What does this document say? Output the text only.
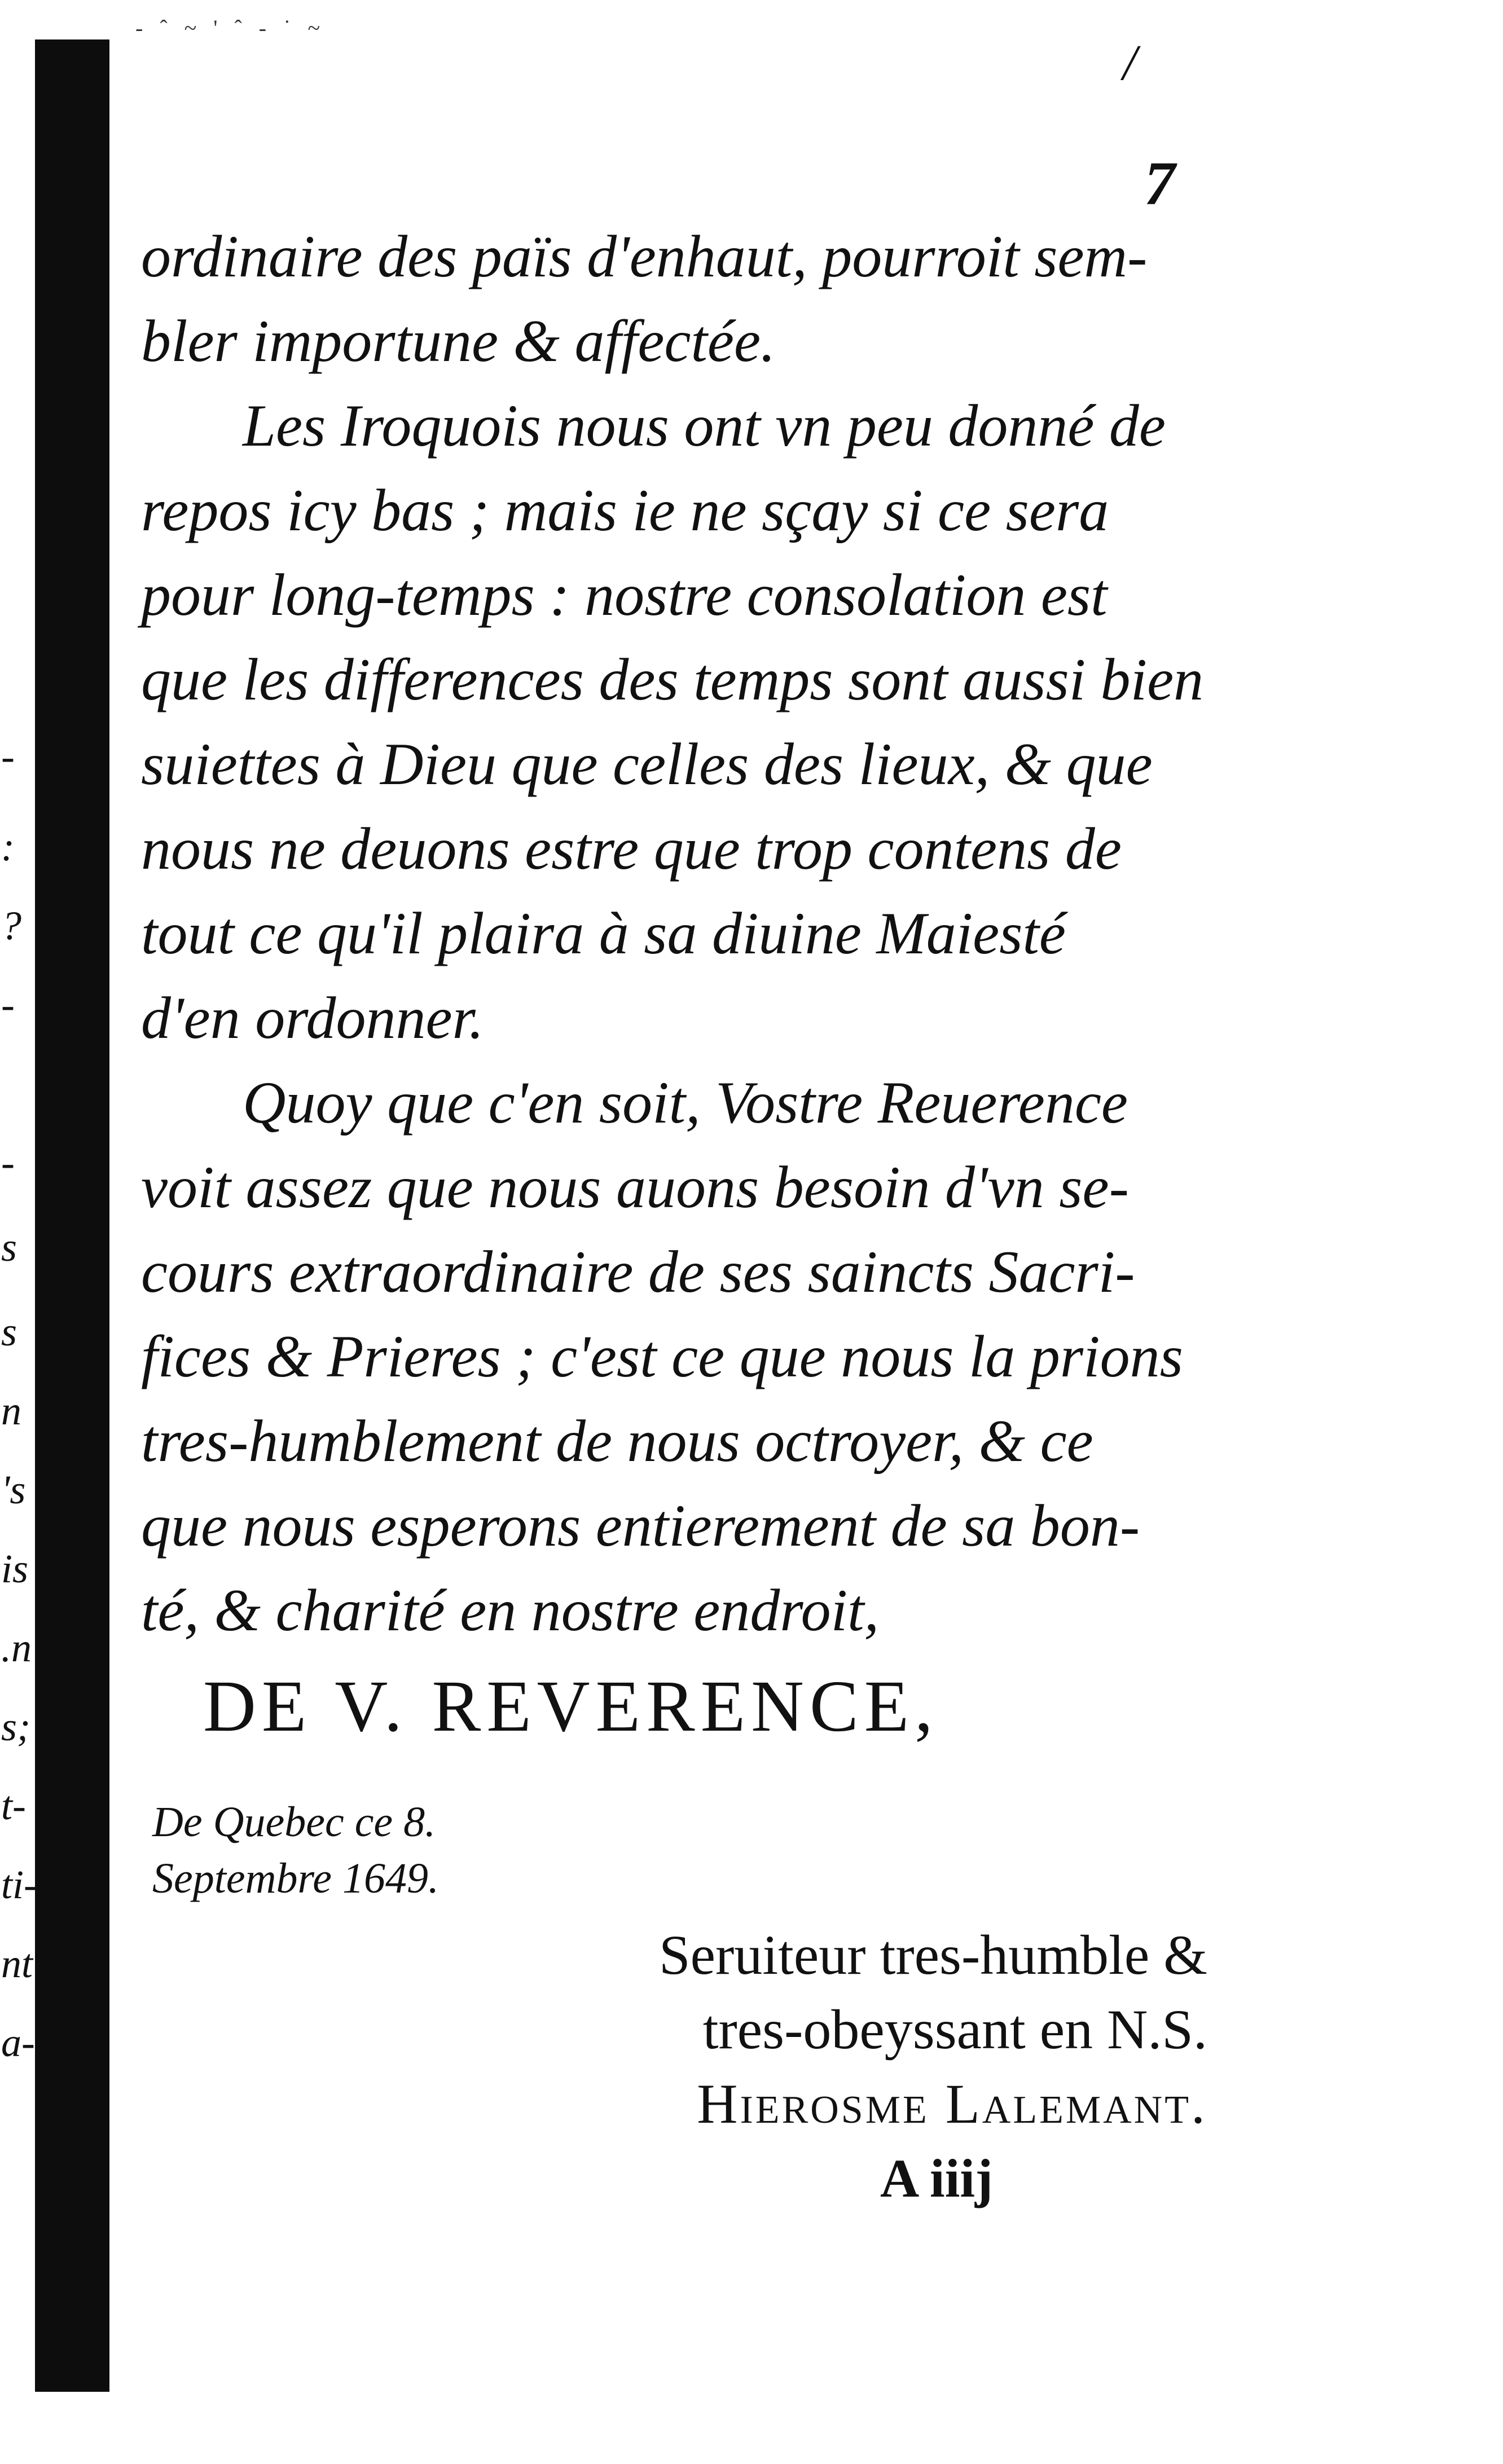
- ˆ ~ ' ˆ - ˙ ~
/
-
:
?
-
-
s
s
n
's
is
.n
s;
t-
ti-
nt
a-
7
ordinaire des païs d'enhaut, pourroit sem-
bler importune & affectée.
Les Iroquois nous ont vn peu donné de
repos icy bas ; mais ie ne sçay si ce sera
pour long-temps : nostre consolation est
que les differences des temps sont aussi bien
suiettes à Dieu que celles des lieux, & que
nous ne deuons estre que trop contens de
tout ce qu'il plaira à sa diuine Maiesté
d'en ordonner.
Quoy que c'en soit, Vostre Reuerence
voit assez que nous auons besoin d'vn se-
cours extraordinaire de ses saincts Sacri-
fices & Prieres ; c'est ce que nous la prions
tres-humblement de nous octroyer, & ce
que nous esperons entierement de sa bon-
té, & charité en nostre endroit,
DE V. REVERENCE,
De Quebec ce 8.
Septembre 1649.
Seruiteur tres-humble &
tres-obeyssant en N.S.
Hierosme Lalemant.
A iiij
